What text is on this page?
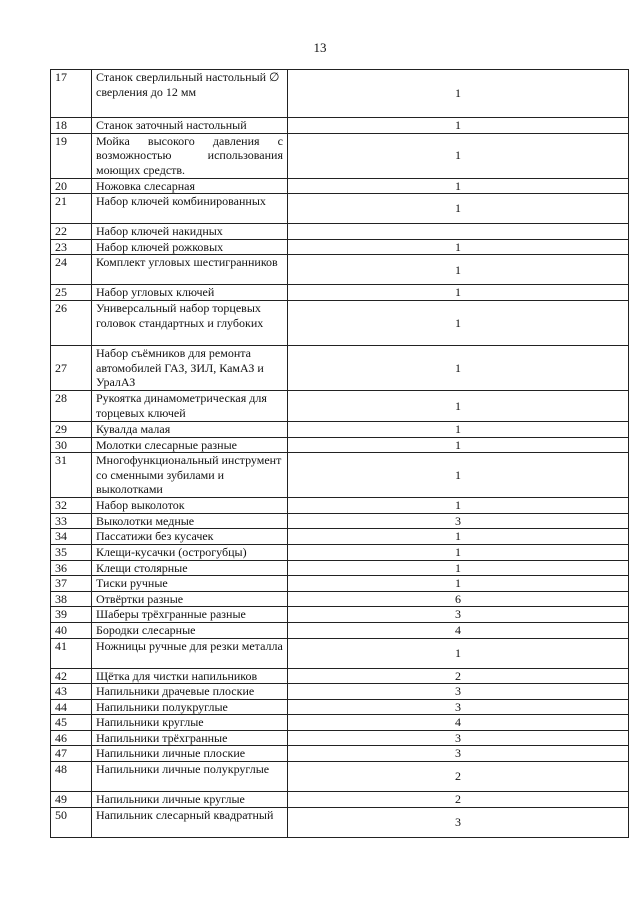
13
17	Станок сверлильный настольный ∅ сверления до 12 мм	1
18	Станок заточный настольный	1
19	Мойка высокого давления с возможностью использования моющих средств.	1
20	Ножовка слесарная	1
21	Набор ключей комбинированных	1
22	Набор ключей накидных	
23	Набор ключей рожковых	1
24	Комплект угловых шестигранников	1
25	Набор угловых ключей	1
26	Универсальный набор торцевых головок стандартных и глубоких	1
27	Набор съёмников для ремонта автомобилей ГАЗ, ЗИЛ, КамАЗ и УралАЗ	1
28	Рукоятка динамометрическая для торцевых ключей	1
29	Кувалда малая	1
30	Молотки слесарные разные	1
31	Многофункциональный инструмент со сменными зубилами и выколотками	1
32	Набор выколоток	1
33	Выколотки медные	3
34	Пассатижи без кусачек	1
35	Клещи-кусачки (острогубцы)	1
36	Клещи столярные	1
37	Тиски ручные	1
38	Отвёртки разные	6
39	Шаберы трёхгранные разные	3
40	Бородки слесарные	4
41	Ножницы ручные для резки металла	1
42	Щётка для чистки напильников	2
43	Напильники драчевые плоские	3
44	Напильники полукруглые	3
45	Напильники круглые	4
46	Напильники трёхгранные	3
47	Напильники личные плоские	3
48	Напильники личные полукруглые	2
49	Напильники личные круглые	2
50	Напильник слесарный квадратный	3
